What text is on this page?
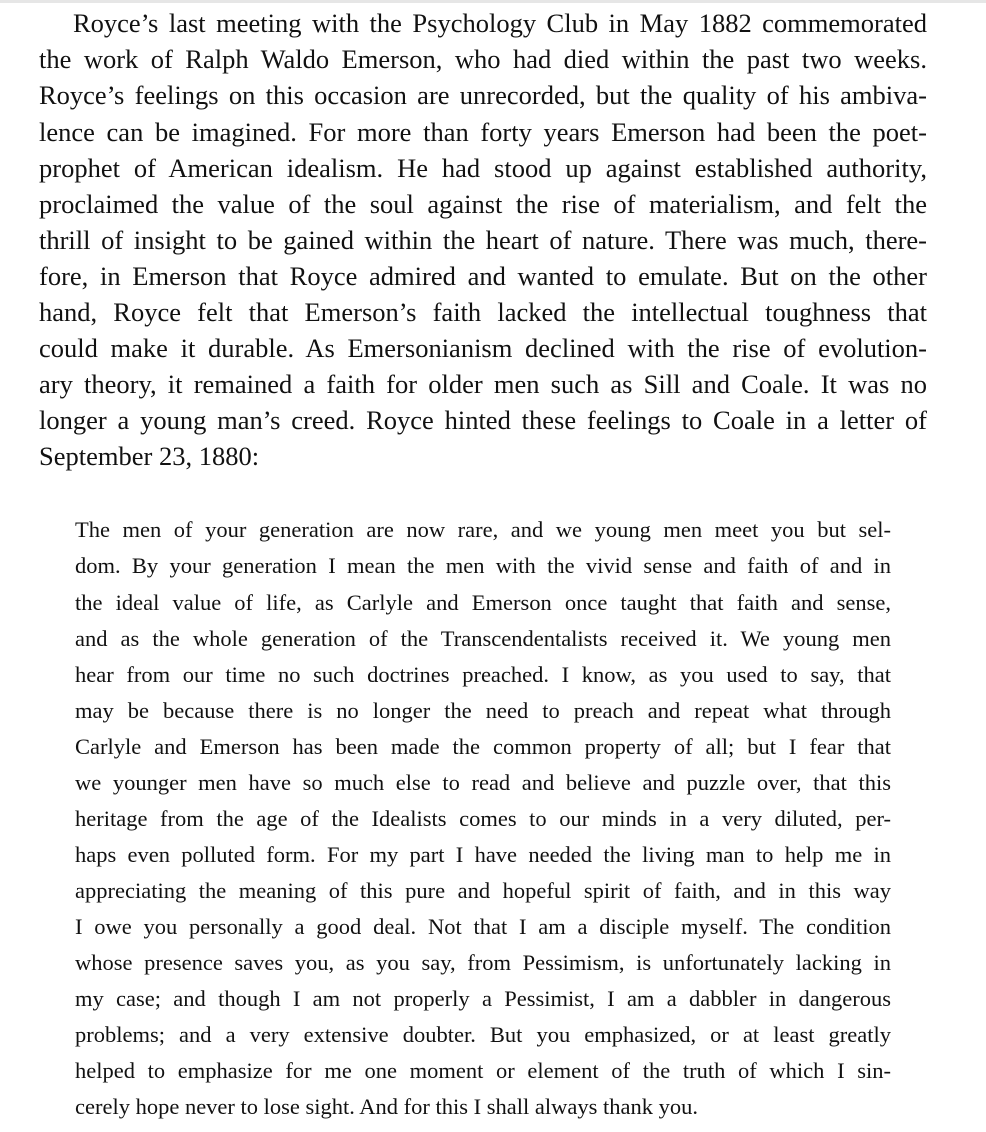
Royce’s last meeting with the Psychology Club in May 1882 commemorated

the work of Ralph Waldo Emerson, who had died within the past two weeks.

Royce’s feelings on this occasion are unrecorded, but the quality of his ambiva-

lence can be imagined. For more than forty years Emerson had been the poet-

prophet of American idealism. He had stood up against established authority,

proclaimed the value of the soul against the rise of materialism, and felt the

thrill of insight to be gained within the heart of nature. There was much, there-

fore, in Emerson that Royce admired and wanted to emulate. But on the other

hand, Royce felt that Emerson’s faith lacked the intellectual toughness that

could make it durable. As Emersonianism declined with the rise of evolution-

ary theory, it remained a faith for older men such as Sill and Coale. It was no

longer a young man’s creed. Royce hinted these feelings to Coale in a letter of

September 23, 1880:

The men of your generation are now rare, and we young men meet you but sel-

dom. By your generation I mean the men with the vivid sense and faith of and in

the ideal value of life, as Carlyle and Emerson once taught that faith and sense,

and as the whole generation of the Transcendentalists received it. We young men

hear from our time no such doctrines preached. I know, as you used to say, that

may be because there is no longer the need to preach and repeat what through

Carlyle and Emerson has been made the common property of all; but I fear that

we younger men have so much else to read and believe and puzzle over, that this

heritage from the age of the Idealists comes to our minds in a very diluted, per-

haps even polluted form. For my part I have needed the living man to help me in

appreciating the meaning of this pure and hopeful spirit of faith, and in this way

I owe you personally a good deal. Not that I am a disciple myself. The condition

whose presence saves you, as you say, from Pessimism, is unfortunately lacking in

my case; and though I am not properly a Pessimist, I am a dabbler in dangerous

problems; and a very extensive doubter. But you emphasized, or at least greatly

helped to emphasize for me one moment or element of the truth of which I sin-

cerely hope never to lose sight. And for this I shall always thank you.
